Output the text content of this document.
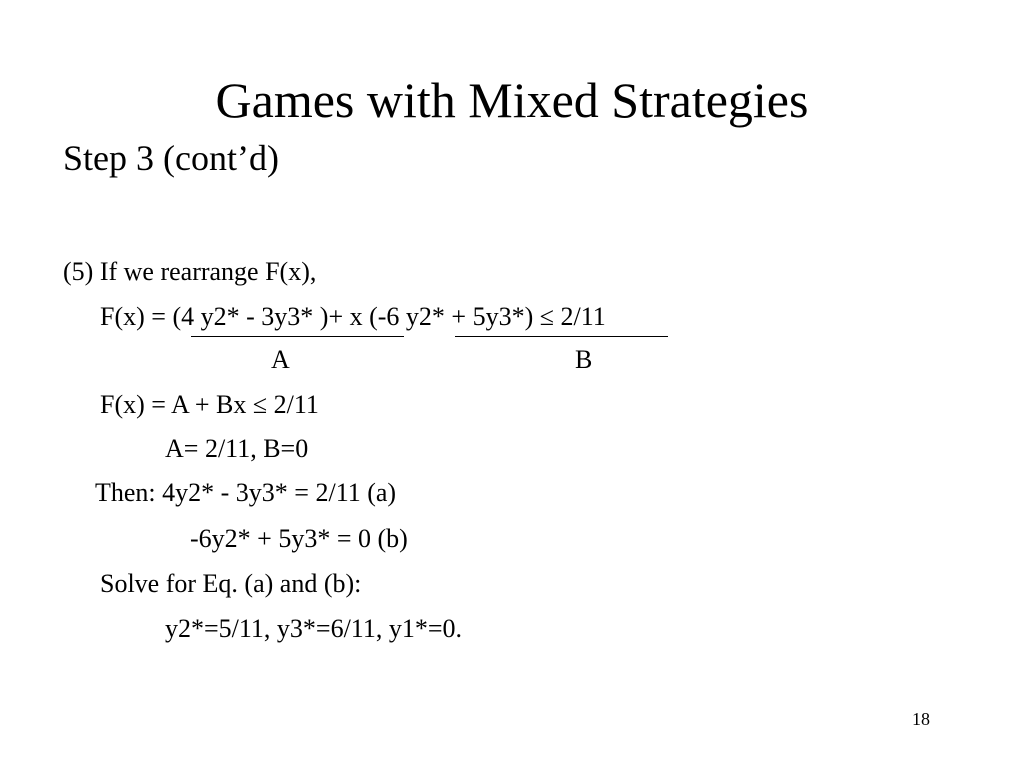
Games with Mixed Strategies
Step 3 (cont’d)
(5) If we rearrange F(x),
F(x) = (4 y2* - 3y3* )+ x (-6 y2* + 5y3*) ≤ 2/11
A	B
F(x) = A + Bx ≤ 2/11
A= 2/11, B=0
Then: 4y2* - 3y3* = 2/11 (a)
-6y2* + 5y3* = 0 (b)
Solve for Eq. (a) and (b):
y2*=5/11, y3*=6/11, y1*=0.
18
